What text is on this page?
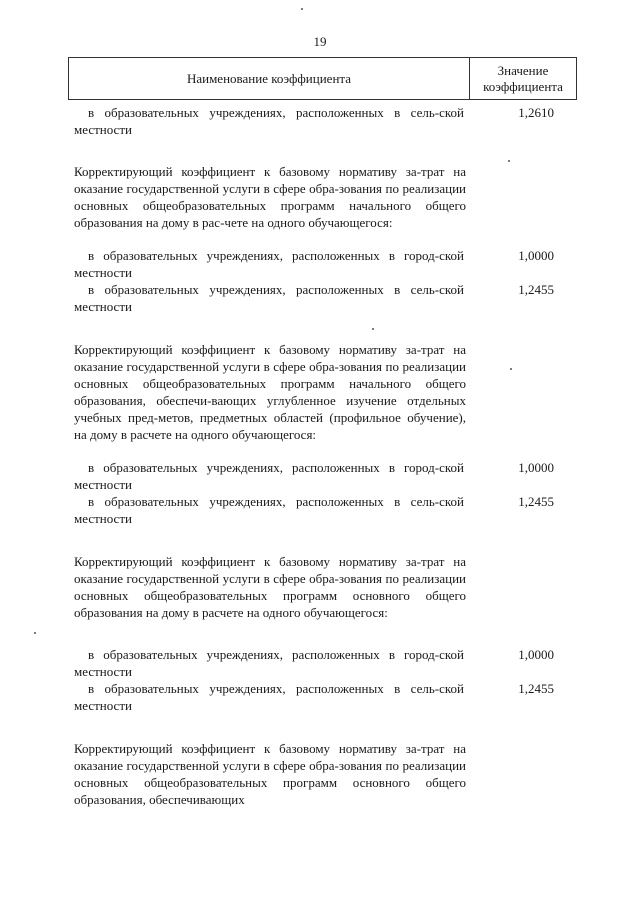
19
Наименование коэффициента
Значение
коэффициента
в образовательных учреждениях, расположенных в сель-ской местности
1,2610
Корректирующий коэффициент к базовому нормативу за-трат на оказание государственной услуги в сфере обра-зования по реализации основных общеобразовательных программ начального общего образования на дому в рас-чете на одного обучающегося:
в образовательных учреждениях, расположенных в город-ской местности
1,0000
в образовательных учреждениях, расположенных в сель-ской местности
1,2455
Корректирующий коэффициент к базовому нормативу за-трат на оказание государственной услуги в сфере обра-зования по реализации основных общеобразовательных программ начального общего образования, обеспечи-вающих углубленное изучение отдельных учебных пред-метов, предметных областей (профильное обучение), на дому в расчете на одного обучающегося:
в образовательных учреждениях, расположенных в город-ской местности
1,0000
в образовательных учреждениях, расположенных в сель-ской местности
1,2455
Корректирующий коэффициент к базовому нормативу за-трат на оказание государственной услуги в сфере обра-зования по реализации основных общеобразовательных программ основного общего образования на дому в расчете на одного обучающегося:
в образовательных учреждениях, расположенных в город-ской местности
1,0000
в образовательных учреждениях, расположенных в сель-ской местности
1,2455
Корректирующий коэффициент к базовому нормативу за-трат на оказание государственной услуги в сфере обра-зования по реализации основных общеобразовательных программ основного общего образования, обеспечивающих
